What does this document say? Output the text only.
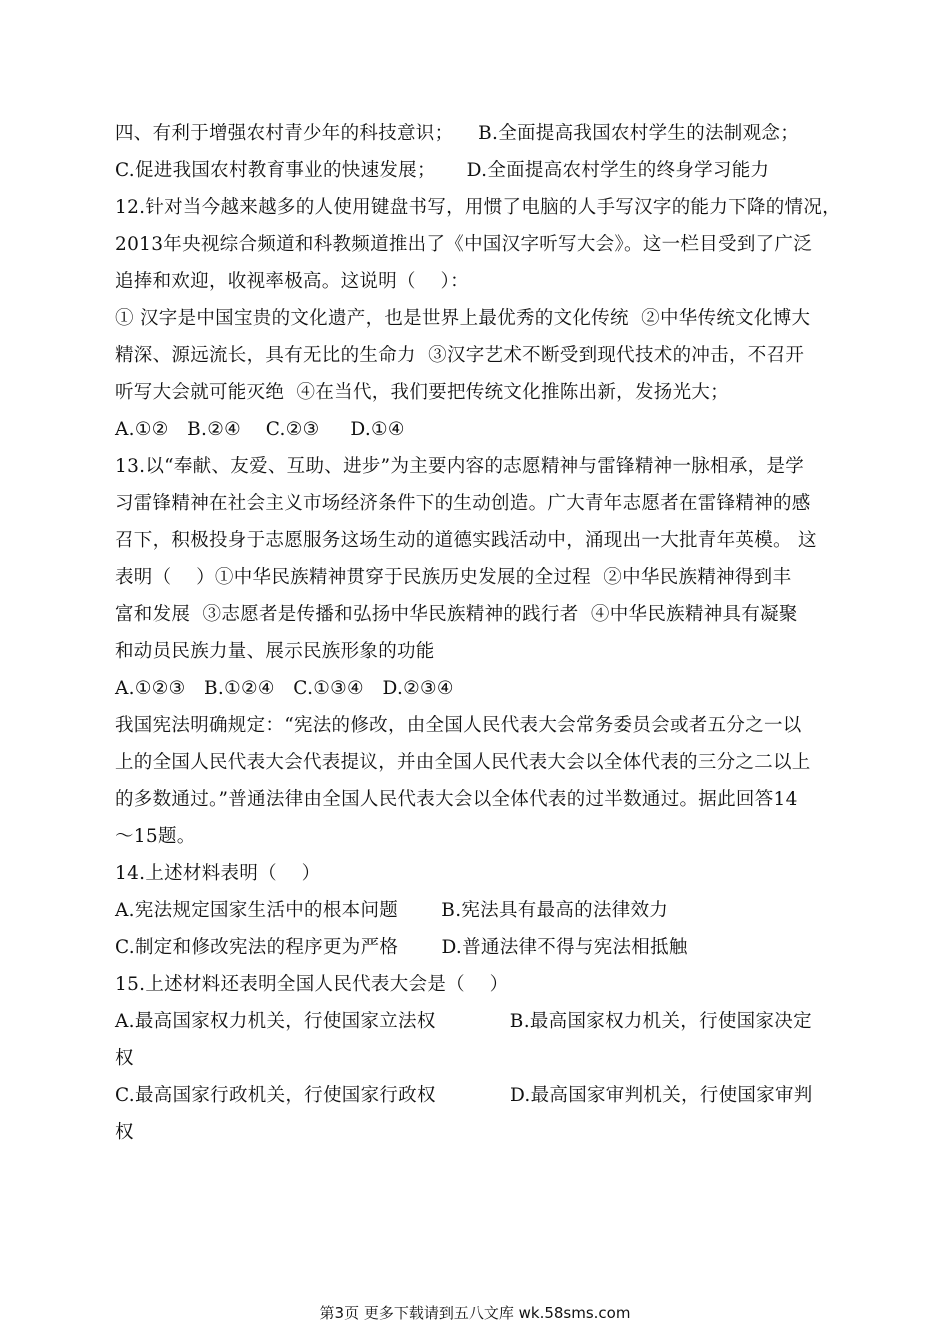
四、有利于增强农村青少年的科技意识；    B.全面提高我国农村学生的法制观念；
C.促进我国农村教育事业的快速发展；     D.全面提高农村学生的终身学习能力
12.针对当今越来越多的人使用键盘书写，用惯了电脑的人手写汉字的能力下降的情况，
2013年央视综合频道和科教频道推出了《中国汉字听写大会》。这一栏目受到了广泛
追捧和欢迎，收视率极高。这说明（    ）：
① 汉字是中国宝贵的文化遗产，也是世界上最优秀的文化传统  ②中华传统文化博大
精深、源远流长，具有无比的生命力  ③汉字艺术不断受到现代技术的冲击，不召开
听写大会就可能灭绝  ④在当代，我们要把传统文化推陈出新，发扬光大；
A.①②   B.②④    C.②③     D.①④
13.以“奉献、友爱、互助、进步”为主要内容的志愿精神与雷锋精神一脉相承，是学
习雷锋精神在社会主义市场经济条件下的生动创造。广大青年志愿者在雷锋精神的感
召下，积极投身于志愿服务这场生动的道德实践活动中，涌现出一大批青年英模。 这
表明（    ）①中华民族精神贯穿于民族历史发展的全过程  ②中华民族精神得到丰
富和发展  ③志愿者是传播和弘扬中华民族精神的践行者  ④中华民族精神具有凝聚
和动员民族力量、展示民族形象的功能
A.①②③   B.①②④   C.①③④   D.②③④
我国宪法明确规定：“宪法的修改，由全国人民代表大会常务委员会或者五分之一以
上的全国人民代表大会代表提议，并由全国人民代表大会以全体代表的三分之二以上
的多数通过。”普通法律由全国人民代表大会以全体代表的过半数通过。据此回答14
～15题。
14.上述材料表明（    ）
A.宪法规定国家生活中的根本问题       B.宪法具有最高的法律效力
C.制定和修改宪法的程序更为严格       D.普通法律不得与宪法相抵触
15.上述材料还表明全国人民代表大会是（    ）
A.最高国家权力机关，行使国家立法权            B.最高国家权力机关，行使国家决定
权
C.最高国家行政机关，行使国家行政权            D.最高国家审判机关，行使国家审判
权
第3页 更多下载请到五八文库 wk.58sms.com
